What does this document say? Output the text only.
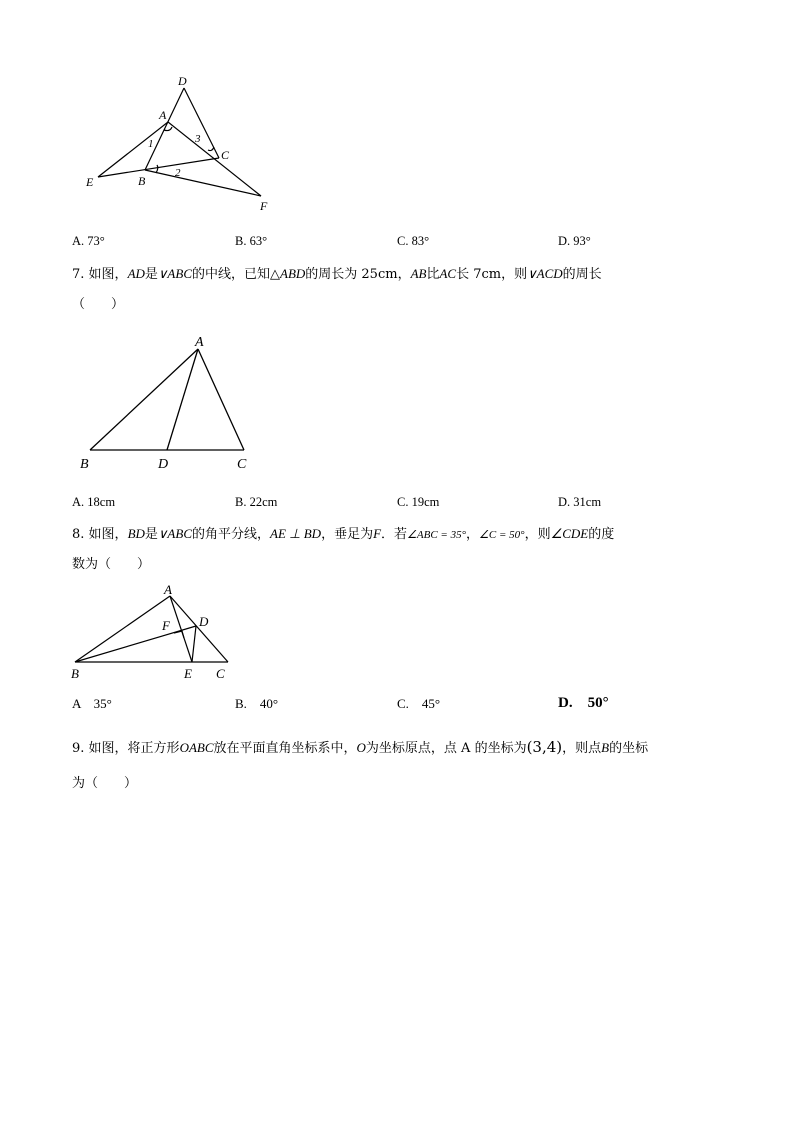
D
A
C
E	B
F
1
2
3
A. 73°	B. 63°	C. 83°	D. 93°
7. 如图，AD是∨ABC的中线，已知△ABD的周长为 25cm，AB比AC长 7cm，则∨ACD的周长
（　　）
A
B	D	C
A. 18cm	B. 22cm	C. 19cm	D. 31cm
8. 如图，BD是∨ABC的角平分线，AE ⊥ BD，垂足为F．若∠ABC = 35°，∠C = 50°，则∠CDE的度
数为（　　）
A
F D
B	E C
A　35°	B.　40°	C.　45°	D.　50°
9. 如图，将正方形OABC放在平面直角坐标系中，O为坐标原点，点 A 的坐标为(3,4)，则点B的坐标
为（　　）
